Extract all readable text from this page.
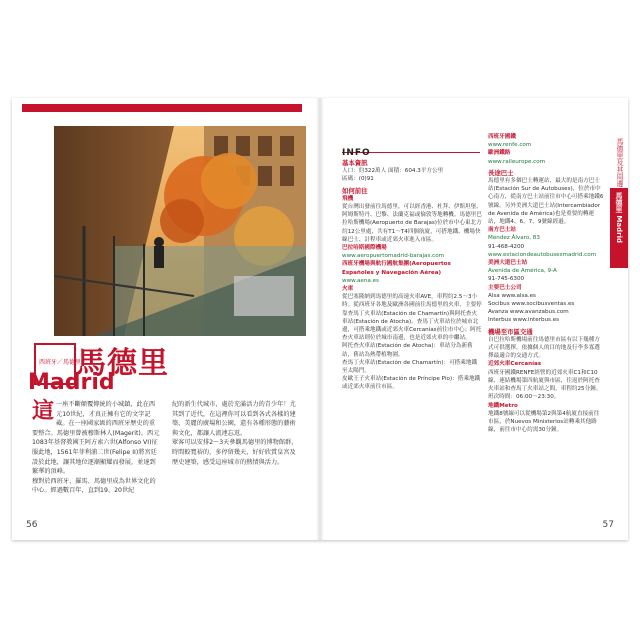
西班牙／馬德里
馬德里
Madrid
這 一座不斷顛覆傳統的小城鎮，此在西元10世紀，才真正擁有它的文字記載。在一座國家級的西班牙歷史的重要整合。馬德里曾被穆斯林人(Magerit)。西元1083年基督教國王阿方索六世(Alfonso VI)征服此地，1561年菲利浦二世(Felipe II)將宮廷設於此地，讓其地位逐漸顯耀而發展，並達到繁華的頂峰。
穆對於西班牙、羅馬、馬德里成為世界文化的中心。經過數百年，直到19、20世紀
紀的新生代城市，處於充滿活力的青少年！尤其到了近代，在這裡你可以看到各式各樣的建築、美麗的廣場和公園，還有各種形態的藝術與文化，都讓人流連忘返。
眾客可以安排2～3天參觀馬德里的博物館群，時間較寬裕的，多停留幾天，好好欣賞皇宮及歷史建築，感受這座城市的熱情與活力。
56
INFO
基本資訊
人口：約322萬人 面積：604.3平方公里
區碼：(0)91
如何前往
飛機
從台灣出發前往馬德里，可以經香港、杜拜、伊斯坦堡、阿姆斯特丹、巴黎、法蘭克福或倫敦等地轉機。馬德里巴拉哈斯機場(Aeropuerto de Barajas)位於市中心東北方約12公里處，共有T1～T4四個航廈，可搭地鐵、機場快線巴士、計程車或近郊火車進入市區。
巴拉哈斯國際機場
www.aeropuertomadrid-barajas.com
西班牙機場與航行國航集團(Aeropuertos Españoles y Navegación Aérea)
www.aena.es
火車
從巴塞隆納到馬德里的高速火車AVE，車程約2.5～3小時。從西班牙各地及歐洲各國前往馬德里的火車，主要停靠查馬丁火車站(Estación de Chamartín)與阿托查火車站(Estación de Atocha)。查馬丁火車站位於城市北邊，可搭乘地鐵或近郊火車Cercanías前往市中心；阿托查火車站則位於城市南邊，也是近郊火車的中繼站。
阿托查火車站(Estación de Atocha)：車站分為新舊站，舊站為熱帶植物園。
查馬丁火車站(Estación de Chamartín)：可搭乘地鐵至太陽門。
皮歐王子火車站(Estación de Príncipe Pío)：搭乘地鐵或近郊火車前往市區。
西班牙國鐵
www.renfe.com
歐洲鐵路
www.raileurope.com
長途巴士
馬德里有多個巴士轉運站，最大的是南方巴士站(Estación Sur de Autobuses)，位於市中心南方，從南方巴士站前往市中心可搭乘地鐵6號線。另外美洲大道巴士站(Intercambiador de Avenida de América)也是重要的轉運站，地鐵4、6、7、9號線經過。
南方巴士站
Méndez Álvaro, 83
91-468-4200
www.estaciondeautobusesmadrid.com
美洲大道巴士站
Avenida de América, 9-A
91-745-6300
主要巴士公司
Alsa www.alsa.es
Socibus www.socibusventas.es
Avanza www.avanzabus.com
Interbus www.interbus.es
機場至市區交通
自巴拉哈斯機場前往馬德里市區有以下幾種方式可供選擇，依據個人的目的地及行李多寡選擇最適合的交通方式。
近郊火車Cercanías
西班牙國鐵RENFE經營的近郊火車C1和C10線，連結機場第四航廈與市區，往返於阿托查火車站和查馬丁火車站之間，車程約25分鐘。班次時間：06:00～23:30。
地鐵Metro
地鐵8號線可以從機場第2與第4航廈直接前往市區，於Nuevos Ministerios站轉乘其他路線，前往市中心約需30分鐘。
馬德里及其周邊
馬德里 Madrid
57
